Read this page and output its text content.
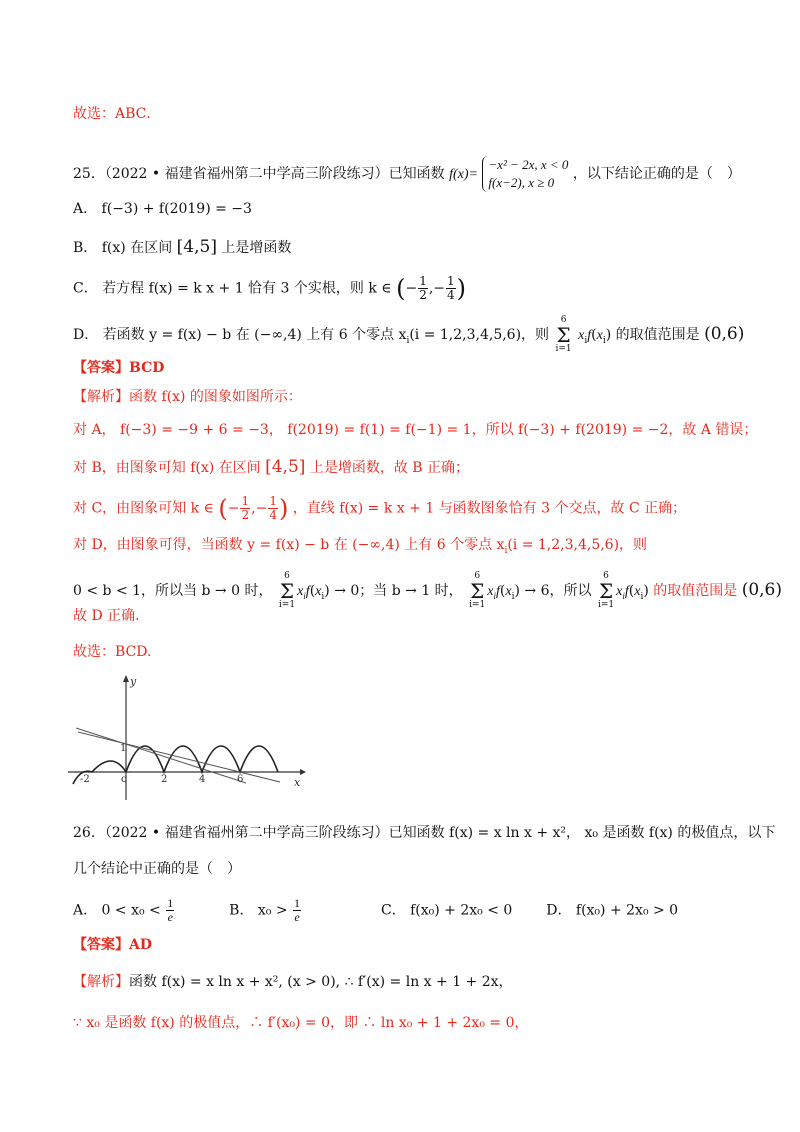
故选：ABC．
25．（2022 • 福建省福州第二中学高三阶段练习）已知函数 f(x)= −x² − 2x, x < 0
f(x−2), x ≥ 0 ，以下结论正确的是（　）
A． f(−3) + f(2019) = −3
B． f(x) 在区间 [4,5] 上是增函数
C． 若方程 f(x) = k x + 1 恰有 3 个实根，则 k ∈ (− $\frac{1}{2}$ ,− $\frac{1}{4}$ )
D． 若函数 y = f(x) − b 在 (−∞,4) 上有 6 个零点 $x_i(i = 1,2,3,4,5,6)$，则
6
Σ
i=1
$x_if(x_i)$ 的取值范围是 (0,6)
【答案】BCD
【解析】函数 f(x) 的图象如图所示：
对 A， f(−3) = −9 + 6 = −3， f(2019) = f(1) = f(−1) = 1，所以 f(−3) + f(2019) = −2，故 A 错误；
对 B，由图象可知 f(x) 在区间 [4,5] 上是增函数，故 B 正确；
对 C，由图象可知 k ∈ (− $\frac{1}{2}$ ,− $\frac{1}{4}$ ) ，直线 f(x) = k x + 1 与函数图象恰有 3 个交点，故 C 正确；
对 D，由图象可得，当函数 y = f(x) − b 在 (−∞,4) 上有 6 个零点 $x_i(i = 1,2,3,4,5,6)$，则
0 < b < 1，所以当 b → 0 时，
6
Σ
i=1
$x_if(x_i) \to 0$；当 b → 1 时，
6
Σ
i=1
$x_if(x_i) \to 6$，所以
6
Σ
i=1
$x_if(x_i)$ 的取值范围是 (0,6)
故 D 正确.
故选：BCD.
y
x
1
-2	o	2	4	6
26．（2022 • 福建省福州第二中学高三阶段练习）已知函数 f(x) = x ln x + x²， x₀ 是函数 f(x) 的极值点，以下
几个结论中正确的是（　）
A． $0 < x_0 < \frac{1}{e}$	B． $x_0 > \frac{1}{e}$	C． f(x₀) + 2x₀ < 0 D． f(x₀) + 2x₀ > 0
【答案】AD
【解析】函数 f(x) = x ln x + x², (x > 0), ∴ f′(x) = ln x + 1 + 2x，
∵ x₀ 是函数 f(x) 的极值点，∴ f′(x₀) = 0，即 ∴ ln x₀ + 1 + 2x₀ = 0，
